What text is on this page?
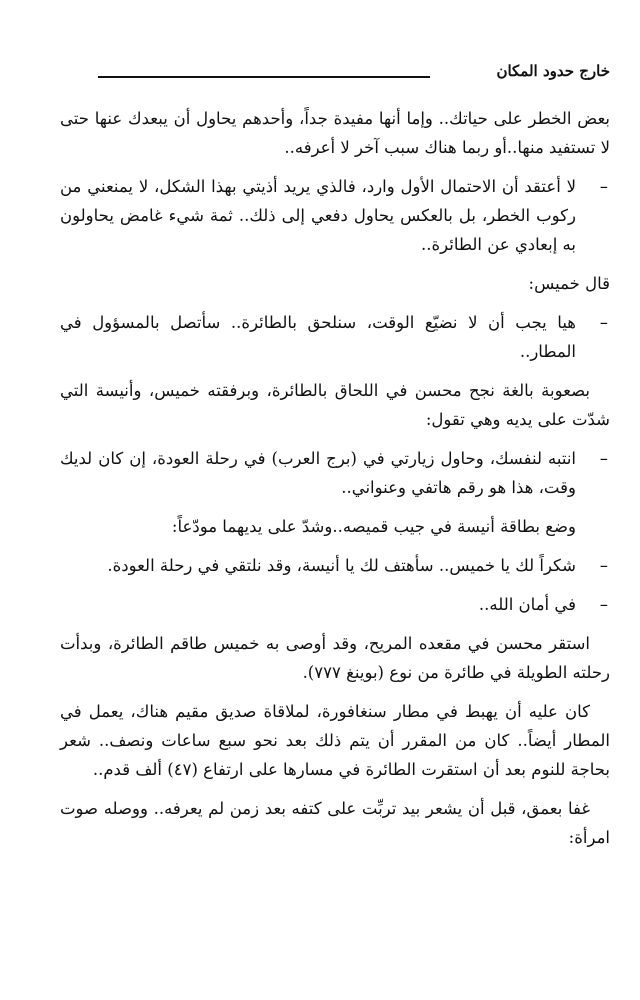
خارج حدود المكان

بعض الخطر على حياتك.. وإما أنها مفيدة جداً، وأحدهم يحاول أن يبعدك عنها حتى لا تستفيد منها..أو ربما هناك سبب آخر لا أعرفه..

–
لا أعتقد أن الاحتمال الأول وارد، فالذي يريد أذيتي بهذا الشكل، لا يمنعني من ركوب الخطر، بل بالعكس يحاول دفعي إلى ذلك.. ثمة شيء غامض يحاولون به إبعادي عن الطائرة..

قال خميس:

–
هيا يجب أن لا نضيّع الوقت، سنلحق بالطائرة.. سأتصل بالمسؤول في المطار..

بصعوبة بالغة نجح محسن في اللحاق بالطائرة، وبرفقته خميس، وأنيسة التي شدّت على يديه وهي تقول:

–
انتبه لنفسك، وحاول زيارتي في (برج العرب) في رحلة العودة، إن كان لديك وقت، هذا هو رقم هاتفي وعنواني..

وضع بطاقة أنيسة في جيب قميصه..وشدّ على يديهما مودّعاً:

–
شكراً لك يا خميس.. سأهتف لك يا أنيسة، وقد نلتقي في رحلة العودة.
–
في أمان الله..

استقر محسن في مقعده المريح، وقد أوصى به خميس طاقم الطائرة، وبدأت رحلته الطويلة في طائرة من نوع (بوينغ ٧٧٧).

كان عليه أن يهبط في مطار سنغافورة، لملاقاة صديق مقيم هناك، يعمل في المطار أيضاً.. كان من المقرر أن يتم ذلك بعد نحو سبع ساعات ونصف.. شعر بحاجة للنوم بعد أن استقرت الطائرة في مسارها على ارتفاع (٤٧) ألف قدم..

غفا بعمق، قبل أن يشعر بيد تربِّت على كتفه بعد زمن لم يعرفه.. ووصله صوت امرأة:
